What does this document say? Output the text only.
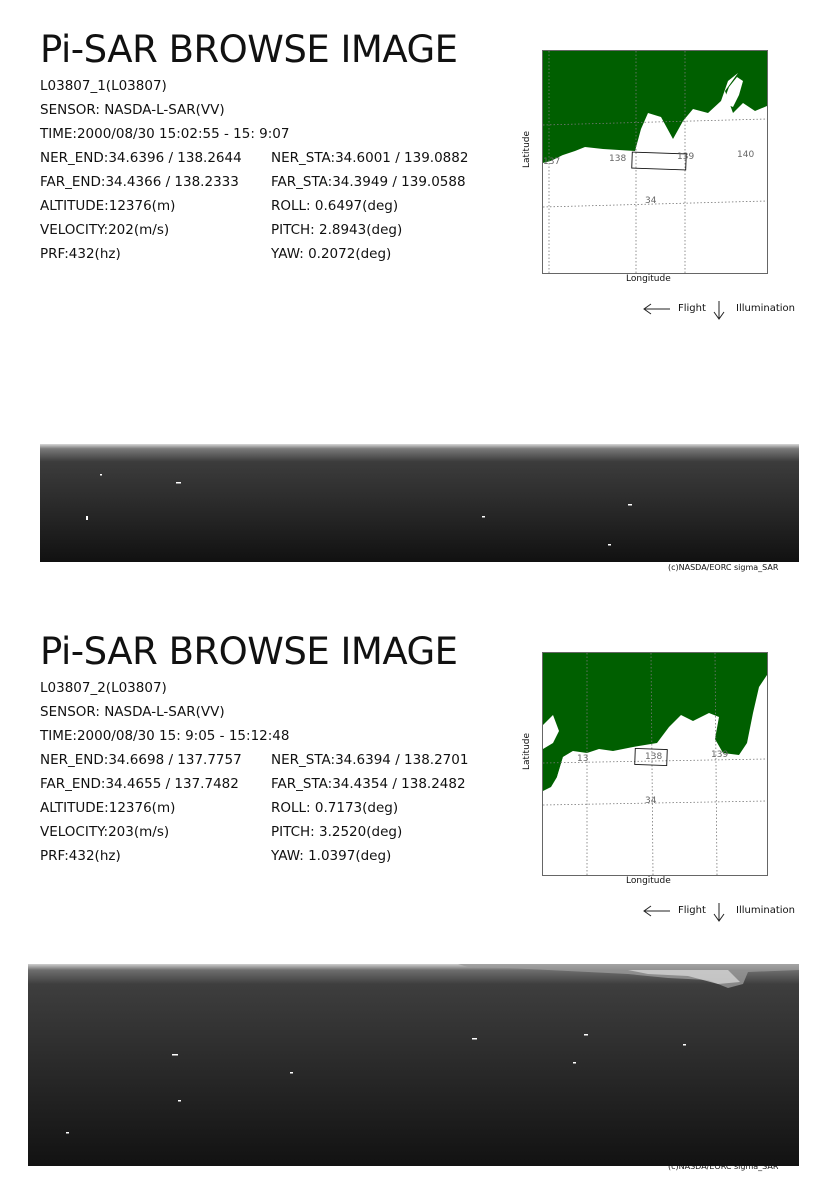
Pi-SAR BROWSE IMAGE
L03807_1(L03807)
SENSOR: NASDA-L-SAR(VV)
TIME:2000/08/30 15:02:55 - 15: 9:07
NER_END:34.6396 / 138.2644 NER_STA:34.6001 / 139.0882
FAR_END:34.4366 / 138.2333 FAR_STA:34.3949 / 139.0588
ALTITUDE:12376(m)	ROLL: 0.6497(deg)
VELOCITY:202(m/s)	PITCH: 2.8943(deg)
PRF:432(hz)	YAW: 0.2072(deg)
137	138	139	140
34
Latitude
Longitude
Flight	Illumination
(c)NASDA/EORC sigma_SAR
Pi-SAR BROWSE IMAGE
L03807_2(L03807)
SENSOR: NASDA-L-SAR(VV)
TIME:2000/08/30 15: 9:05 - 15:12:48
NER_END:34.6698 / 137.7757 NER_STA:34.6394 / 138.2701
FAR_END:34.4655 / 137.7482 FAR_STA:34.4354 / 138.2482
ALTITUDE:12376(m)	ROLL: 0.7173(deg)
VELOCITY:203(m/s)	PITCH: 3.2520(deg)
PRF:432(hz)	YAW: 1.0397(deg)
13	138	139
34
Latitude
Longitude
Flight	Illumination
(c)NASDA/EORC sigma_SAR
